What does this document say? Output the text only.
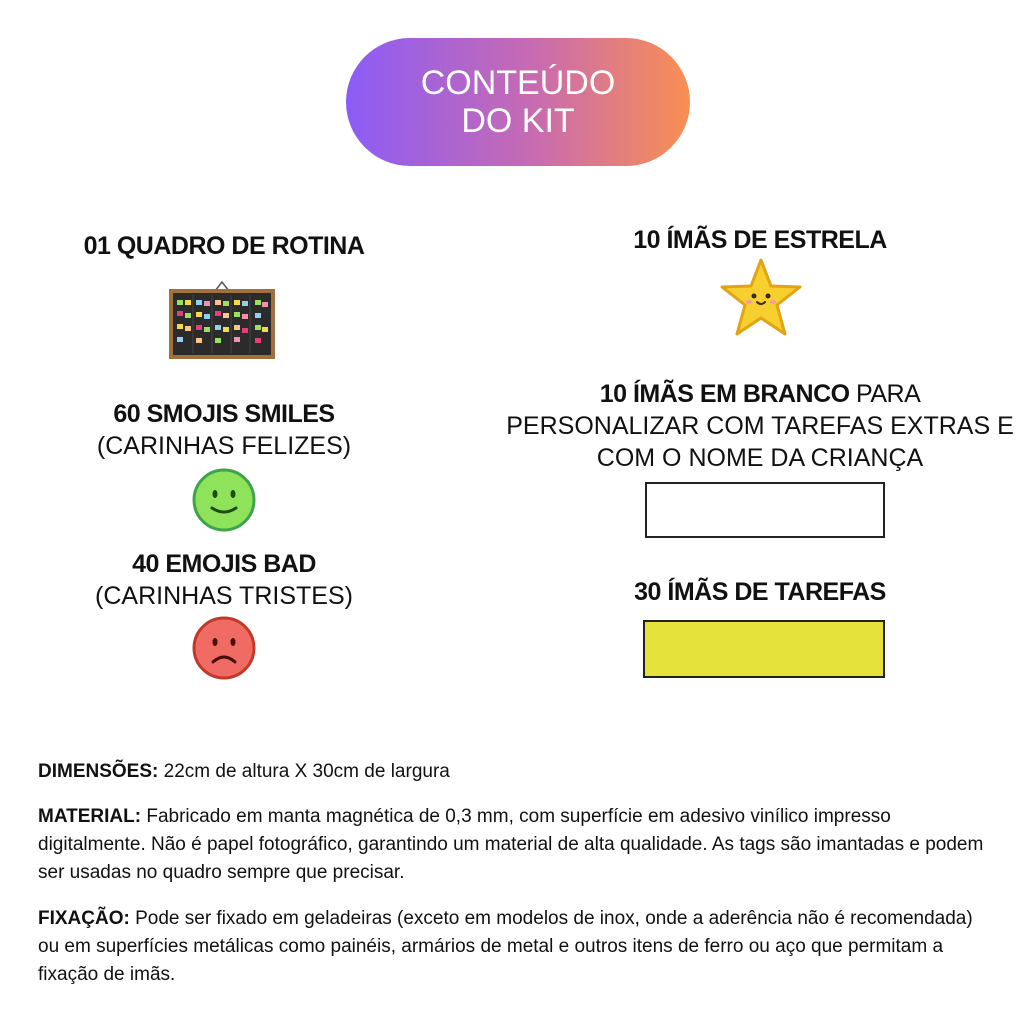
CONTEÚDO
DO KIT
01 QUADRO DE ROTINA
60 SMOJIS SMILES
(CARINHAS FELIZES)
40 EMOJIS BAD
(CARINHAS TRISTES)
10 ÍMÃS DE ESTRELA
10 ÍMÃS EM BRANCO PARA
PERSONALIZAR COM TAREFAS EXTRAS E
COM O NOME DA CRIANÇA
30 ÍMÃS DE TAREFAS
DIMENSÕES: 22cm de altura X 30cm de largura
MATERIAL: Fabricado em manta magnética de 0,3 mm, com superfície em adesivo vinílico impresso digitalmente. Não é papel fotográfico, garantindo um material de alta qualidade. As tags são imantadas e podem ser usadas no quadro sempre que precisar.
FIXAÇÃO: Pode ser fixado em geladeiras (exceto em modelos de inox, onde a aderência não é recomendada) ou em superfícies metálicas como painéis, armários de metal e outros itens de ferro ou aço que permitam a fixação de imãs.
